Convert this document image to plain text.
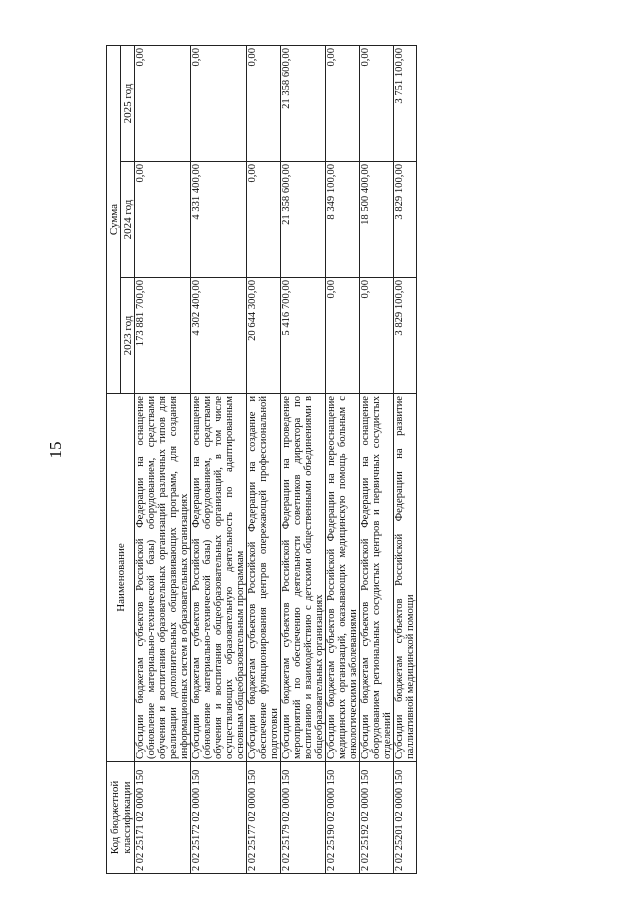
15
Код бюджетной классификации	Наименование	Сумма		
		2023 год	2024 год	2025 год
2 02 25171 02 0000 150	Субсидии бюджетам субъектов Российской Федерации на оснащение (обновление материально-технической базы) оборудованием, средствами обучения и воспитания образовательных организаций различных типов для реализации дополнительных общеразвивающих программ, для создания информационных систем в образовательных организациях	173 881 700,00	0,00	0,00
2 02 25172 02 0000 150	Субсидии бюджетам субъектов Российской Федерации на оснащение (обновление материально-технической базы) оборудованием, средствами обучения и воспитания общеобразовательных организаций, в том числе осуществляющих образовательную деятельность по адаптированным основным общеобразовательным программам	4 302 400,00	4 331 400,00	0,00
2 02 25177 02 0000 150	Субсидии бюджетам субъектов Российской Федерации на создание и обеспечение функционирования центров опережающей профессиональной подготовки	20 644 300,00	0,00	0,00
2 02 25179 02 0000 150	Субсидии бюджетам субъектов Российской Федерации на проведение мероприятий по обеспечению деятельности советников директора по воспитанию и взаимодействию с детскими общественными объединениями в общеобразовательных организациях	5 416 700,00	21 358 600,00	21 358 600,00
2 02 25190 02 0000 150	Субсидии бюджетам субъектов Российской Федерации на переоснащение медицинских организаций, оказывающих медицинскую помощь больным с онкологическими заболеваниями	0,00	8 349 100,00	0,00
2 02 25192 02 0000 150	Субсидии бюджетам субъектов Российской Федерации на оснащение оборудованием региональных сосудистых центров и первичных сосудистых отделений	0,00	18 500 400,00	0,00
2 02 25201 02 0000 150	Субсидии бюджетам субъектов Российской Федерации на развитие паллиативной медицинской помощи	3 829 100,00	3 829 100,00	3 751 100,00
